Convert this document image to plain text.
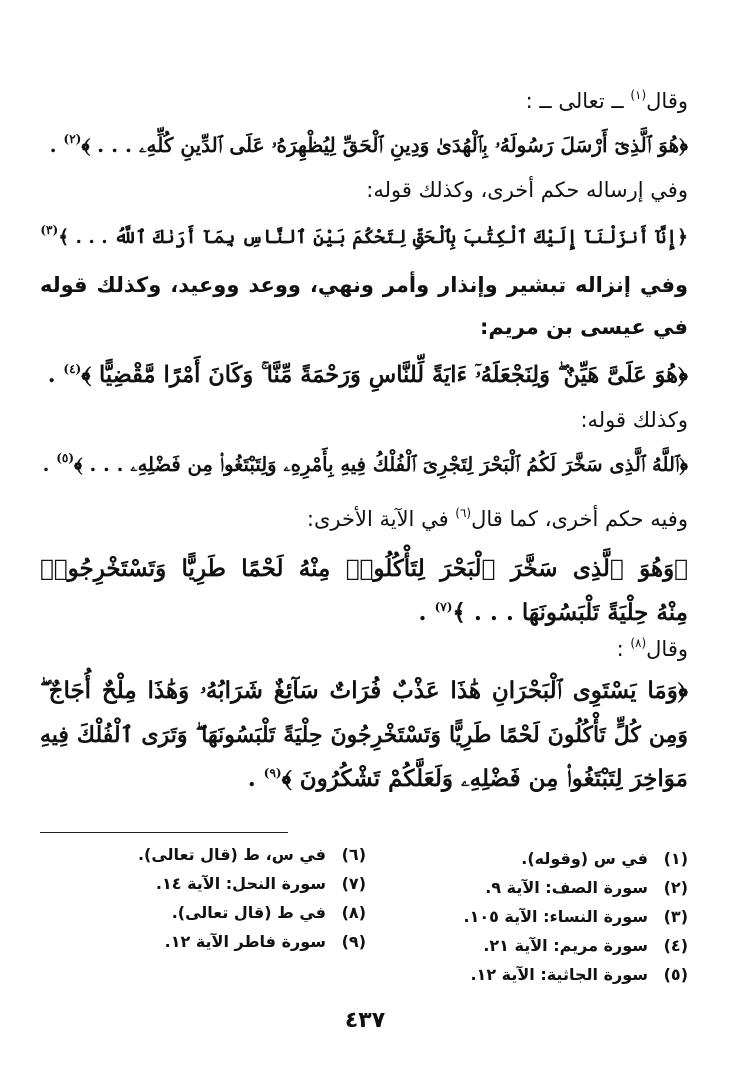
وقال$^{(١)}$ ــ تعالى ــ :
﴿هُوَ ٱلَّذِىٓ أَرْسَلَ رَسُولَهُۥ بِٱلْهُدَىٰ وَدِينِ ٱلْحَقِّ لِيُظْهِرَهُۥ عَلَى ٱلدِّينِ كُلِّهِۦ . . . ﴾$^{(٢)}$ .
وفي إرساله حكم أخرى، وكذلك قوله:
﴿إِنَّآ أَنزَلْنَآ إِلَيْكَ ٱلْكِتَٰبَ بِٱلْحَقِّ لِتَحْكُمَ بَيْنَ ٱلنَّاسِ بِمَآ أَرَىٰكَ ٱللَّهُ . . . ﴾$^{(٣)}$
وفي إنزاله تبشير وإنذار وأمر ونهي، ووعد ووعيد، وكذلك قوله
في عيسى بن مريم:
﴿هُوَ عَلَىَّ هَيِّنٌ ۖ وَلِنَجْعَلَهُۥٓ ءَايَةً لِّلنَّاسِ وَرَحْمَةً مِّنَّا ۚ وَكَانَ أَمْرًا مَّقْضِيًّا ﴾$^{(٤)}$ .
وكذلك قوله:
﴿ٱللَّهُ ٱلَّذِى سَخَّرَ لَكُمُ ٱلْبَحْرَ لِتَجْرِىَ ٱلْفُلْكُ فِيهِ بِأَمْرِهِۦ وَلِتَبْتَغُوا۟ مِن فَضْلِهِۦ . . . ﴾$^{(٥)}$ .
وفيه حكم أخرى، كما قال$^{(٦)}$ في الآية الأخرى:
﴿وَهُوَ ٱلَّذِى سَخَّرَ ٱلْبَحْرَ لِتَأْكُلُوا۟ مِنْهُ لَحْمًا طَرِيًّا وَتَسْتَخْرِجُوا۟
مِنْهُ حِلْيَةً تَلْبَسُونَهَا . . . ﴾$^{(٧)}$ .
وقال$^{(٨)}$ :
﴿وَمَا يَسْتَوِى ٱلْبَحْرَانِ هَٰذَا عَذْبٌ فُرَاتٌ سَآئِغٌ شَرَابُهُۥ وَهَٰذَا مِلْحٌ أُجَاجٌ ۖ
وَمِن كُلٍّ تَأْكُلُونَ لَحْمًا طَرِيًّا وَتَسْتَخْرِجُونَ حِلْيَةً تَلْبَسُونَهَا ۖ وَتَرَى ٱلْفُلْكَ فِيهِ
مَوَاخِرَ لِتَبْتَغُوا۟ مِن فَضْلِهِۦ وَلَعَلَّكُمْ تَشْكُرُونَ ﴾$^{(٩)}$ .
(١)في س (وقوله).
(٢)سورة الصف: الآية ٩.
(٣)سورة النساء: الآية ١٠٥.
(٤)سورة مريم: الآية ٢١.
(٥)سورة الجاثية: الآية ١٢.
(٦)في س، ط (قال تعالى).
(٧)سورة النحل: الآية ١٤.
(٨)في ط (قال تعالى).
(٩)سورة فاطر الآية ١٢.
٤٣٧
